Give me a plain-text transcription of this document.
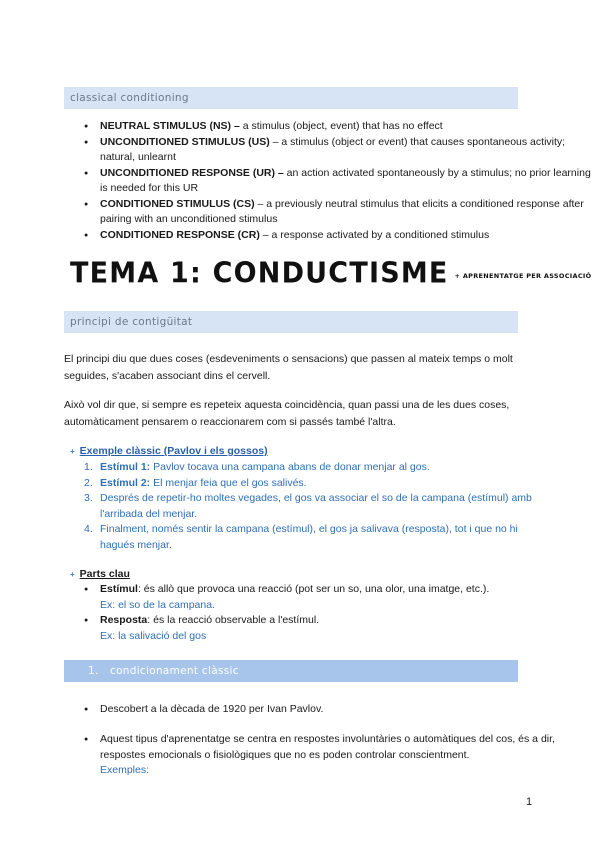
classical conditioning

● NEUTRAL STIMULUS (NS) – a stimulus (object, event) that has no effect

● UNCONDITIONED STIMULUS (US) – a stimulus (object or event) that causes spontaneous activity; natural, unlearnt

● UNCONDITIONED RESPONSE (UR) – an action activated spontaneously by a stimulus; no prior learning is needed for this UR

● CONDITIONED STIMULUS (CS) – a previously neutral stimulus that elicits a conditioned response after pairing with an unconditioned stimulus

● CONDITIONED RESPONSE (CR) – a response activated by a conditioned stimulus

TEMA 1: CONDUCTISME $^{+ APRENENTATGE PER ASSOCIACIÓ}$
principi de contigüitat

El principi diu que dues coses (esdeveniments o sensacions) que passen al mateix temps o molt seguides, s'acaben associant dins el cervell.

Això vol dir que, si sempre es repeteix aquesta coincidència, quan passi una de les dues coses, automàticament pensarem o reaccionarem com si passés també l'altra.

+ Exemple clàssic (Pavlov i els gossos)
1. Estímul 1: Pavlov tocava una campana abans de donar menjar al gos.
2. Estímul 2: El menjar feia que el gos salivés.
3. Després de repetir-ho moltes vegades, el gos va associar el so de la campana (estímul) amb l'arribada del menjar.
4. Finalment, només sentir la campana (estímul), el gos ja salivava (resposta), tot i que no hi hagués menjar.
+ Parts clau

● Estímul: és allò que provoca una reacció (pot ser un so, una olor, una imatge, etc.).
Ex: el so de la campana.

● Resposta: és la reacció observable a l'estímul.
Ex: la salivació del gos

1. condicionament clàssic

● Descobert a la dècada de 1920 per Ivan Pavlov.

● Aquest tipus d'aprenentatge se centra en respostes involuntàries o automàtiques del cos, és a dir, respostes emocionals o fisiològiques que no es poden controlar conscientment.
Exemples:

1
